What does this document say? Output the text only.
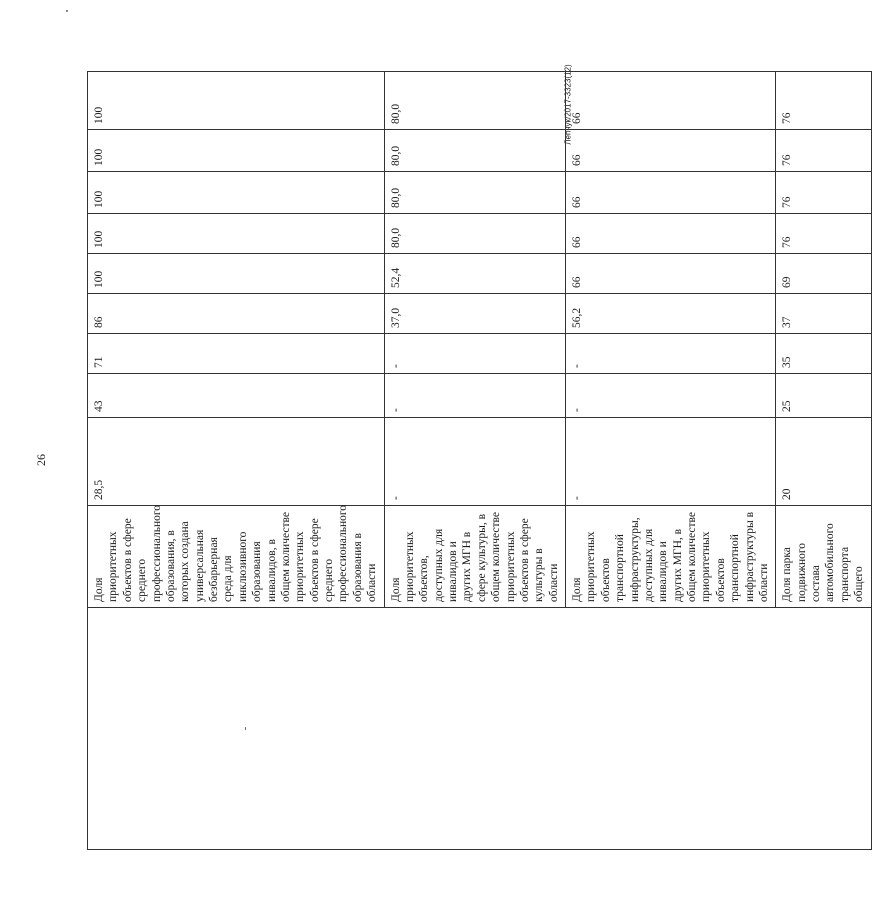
26
Лепчук/2017-3323(12)
	Доля приоритетных объектов в сфере среднего профессионального образования, в которых создана универсальная безбарьерная среда для инклюзивного образования инвалидов, в общем количестве приоритетных объектов в сфере среднего профессионального образования в области	28,5	43	71	86	100	100	100	100	100
	Доля приоритетных объектов, доступных для инвалидов и других МГН в сфере культуры, в общем количестве приоритетных объектов в сфере культуры в области	-	-	-	37,0	52,4	80,0	80,0	80,0	80,0
	Доля приоритетных объектов транспортной инфраструктуры, доступных для инвалидов и других МГН, в общем количестве приоритетных объектов транспортной инфраструктуры в области	-	-	-	56,2	66	66	66	66	66
	Доля парка подвижного состава автомобильного транспорта общего	20	25	35	37	69	76	76	76	76
